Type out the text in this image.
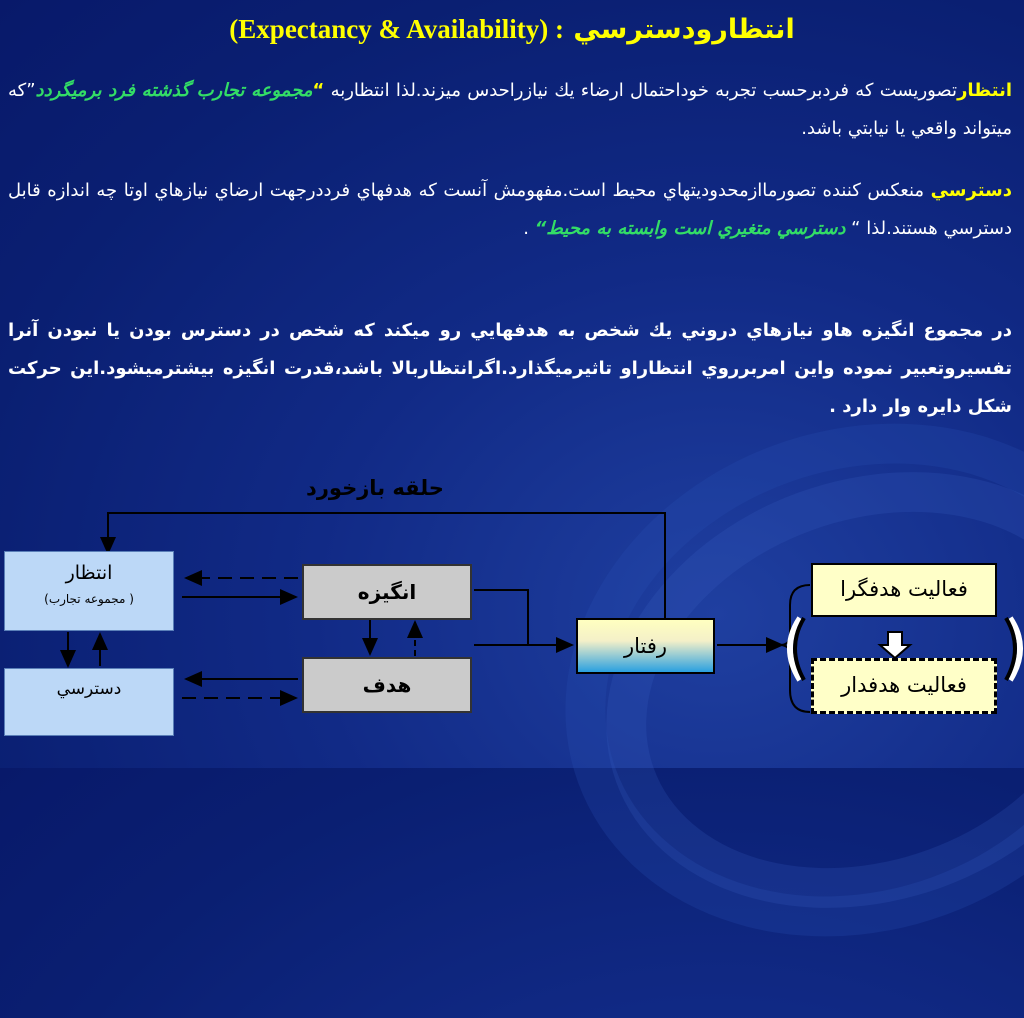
(Expectancy & Availability) : انتظارودسترسي

انتظارتصوريست كه فردبرحسب تجربه خوداحتمال ارضاء يك نيازراحدس ميزند.لذا انتظاربه “مجموعه تجارب گذشته فرد برميگردد”كه ميتواند واقعي يا نيابتي باشد.

دسترسي منعكس كننده تصورمااز‌محدوديتهاي محيط است.مفهومش آنست كه هدفهاي فرددرجهت ارضاي نيازهاي اوتا چه اندازه قابل دسترسي هستند.لذا “ دسترسي متغيري است وابسته به محيط“ .

در مجموع انگيزه هاو نيازهاي دروني يك شخص به هدفهايي رو ميكند كه شخص در دسترس بودن يا نبودن آنرا تفسيروتعبير نموده واين امربرروي انتظاراو تاثيرميگذارد.اگرانتظاربالا باشد،قدرت انگيزه بيشترميشود.اين حركت شكل دايره وار دارد .

حلقه بازخورد
انتظار
(مجموعه تجارب )
دسترسي
انگيزه
هدف
رفتار
فعاليت هدفگرا
فعاليت هدفدار
